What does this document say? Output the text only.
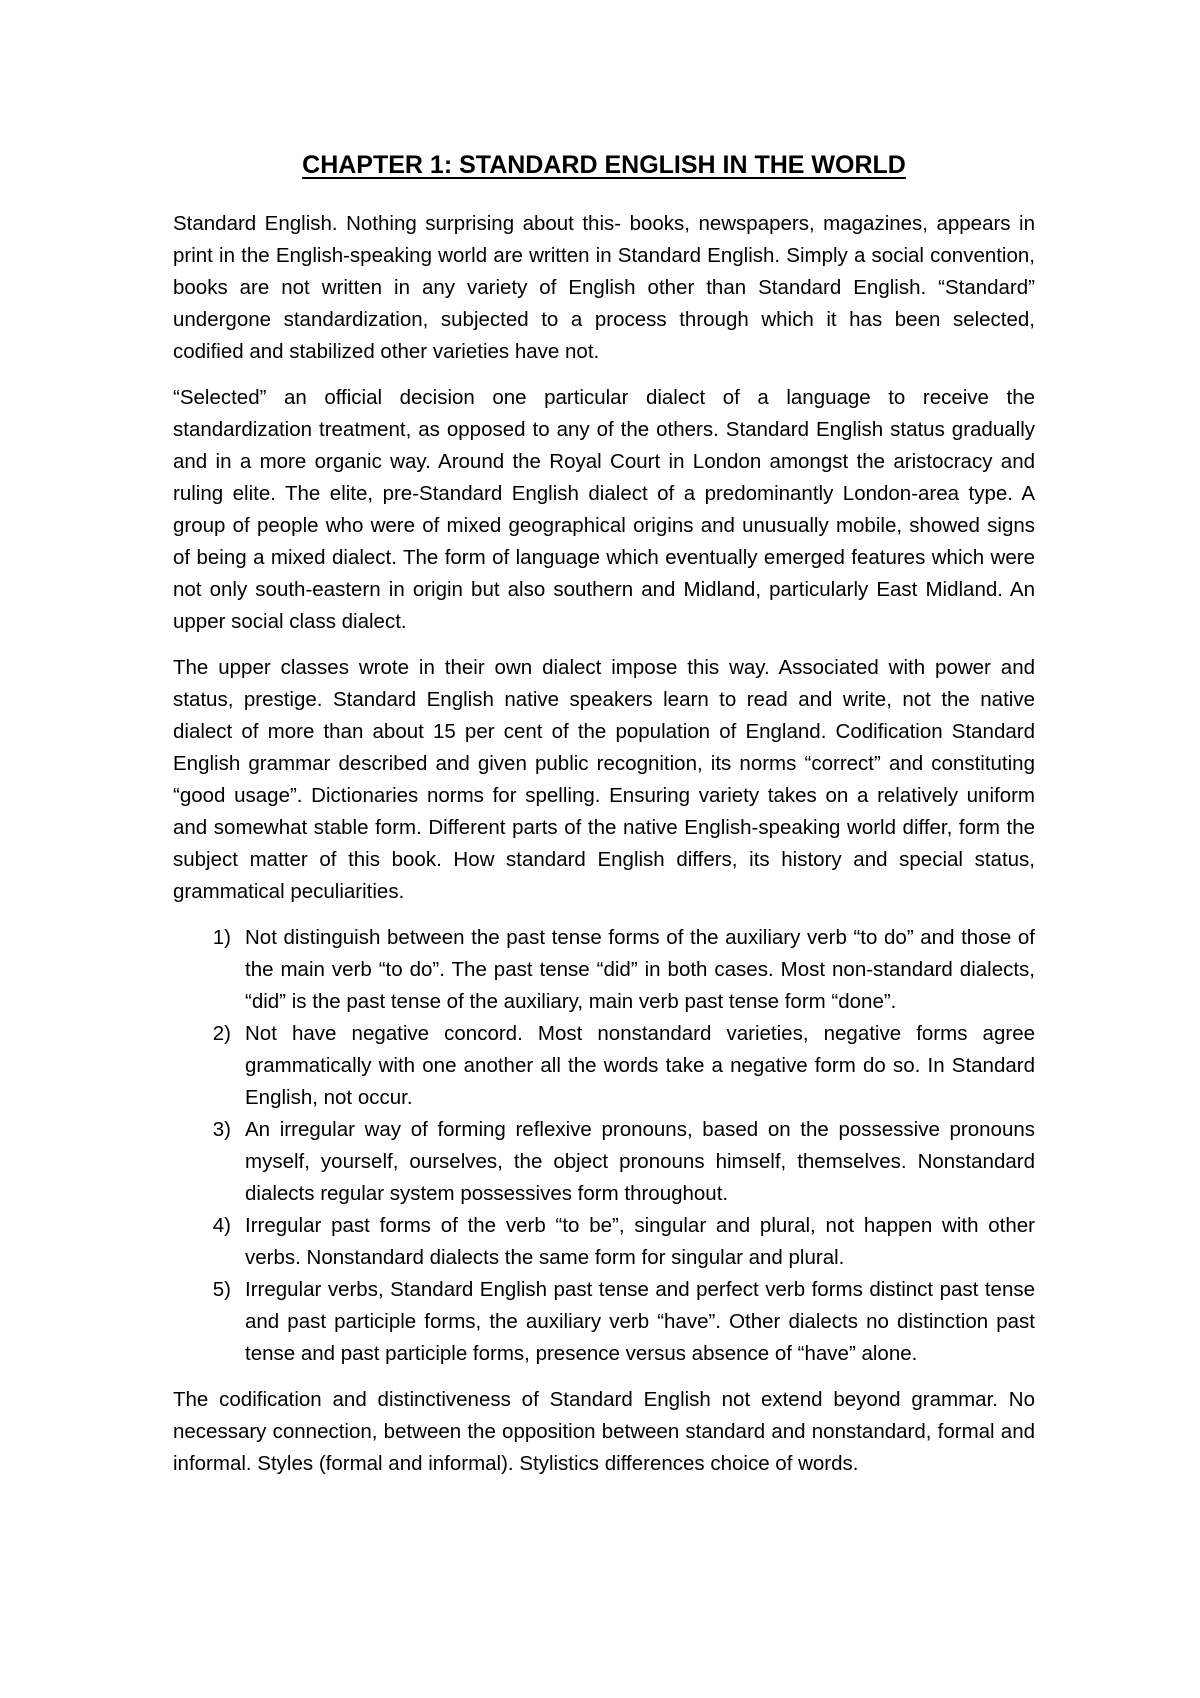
CHAPTER 1: STANDARD ENGLISH IN THE WORLD

Standard English. Nothing surprising about this- books, newspapers, magazines, appears in print in the English-speaking world are written in Standard English. Simply a social convention, books are not written in any variety of English other than Standard English. “Standard” undergone standardization, subjected to a process through which it has been selected, codified and stabilized other varieties have not.

“Selected” an official decision one particular dialect of a language to receive the standardization treatment, as opposed to any of the others. Standard English status gradually and in a more organic way. Around the Royal Court in London amongst the aristocracy and ruling elite. The elite, pre-Standard English dialect of a predominantly London-area type. A group of people who were of mixed geographical origins and unusually mobile, showed signs of being a mixed dialect. The form of language which eventually emerged features which were not only south-eastern in origin but also southern and Midland, particularly East Midland. An upper social class dialect.

The upper classes wrote in their own dialect impose this way. Associated with power and status, prestige. Standard English native speakers learn to read and write, not the native dialect of more than about 15 per cent of the population of England. Codification Standard English grammar described and given public recognition, its norms “correct” and constituting “good usage”. Dictionaries norms for spelling. Ensuring variety takes on a relatively uniform and somewhat stable form. Different parts of the native English-speaking world differ, form the subject matter of this book. How standard English differs, its history and special status, grammatical peculiarities.

1) Not distinguish between the past tense forms of the auxiliary verb “to do” and those of the main verb “to do”. The past tense “did” in both cases. Most non-standard dialects, “did” is the past tense of the auxiliary, main verb past tense form “done”.
2) Not have negative concord. Most nonstandard varieties, negative forms agree grammatically with one another all the words take a negative form do so. In Standard English, not occur.
3) An irregular way of forming reflexive pronouns, based on the possessive pronouns myself, yourself, ourselves, the object pronouns himself, themselves. Nonstandard dialects regular system possessives form throughout.
4) Irregular past forms of the verb “to be”, singular and plural, not happen with other verbs. Nonstandard dialects the same form for singular and plural.
5) Irregular verbs, Standard English past tense and perfect verb forms distinct past tense and past participle forms, the auxiliary verb “have”. Other dialects no distinction past tense and past participle forms, presence versus absence of “have” alone.

The codification and distinctiveness of Standard English not extend beyond grammar. No necessary connection, between the opposition between standard and nonstandard, formal and informal. Styles (formal and informal). Stylistics differences choice of words.
